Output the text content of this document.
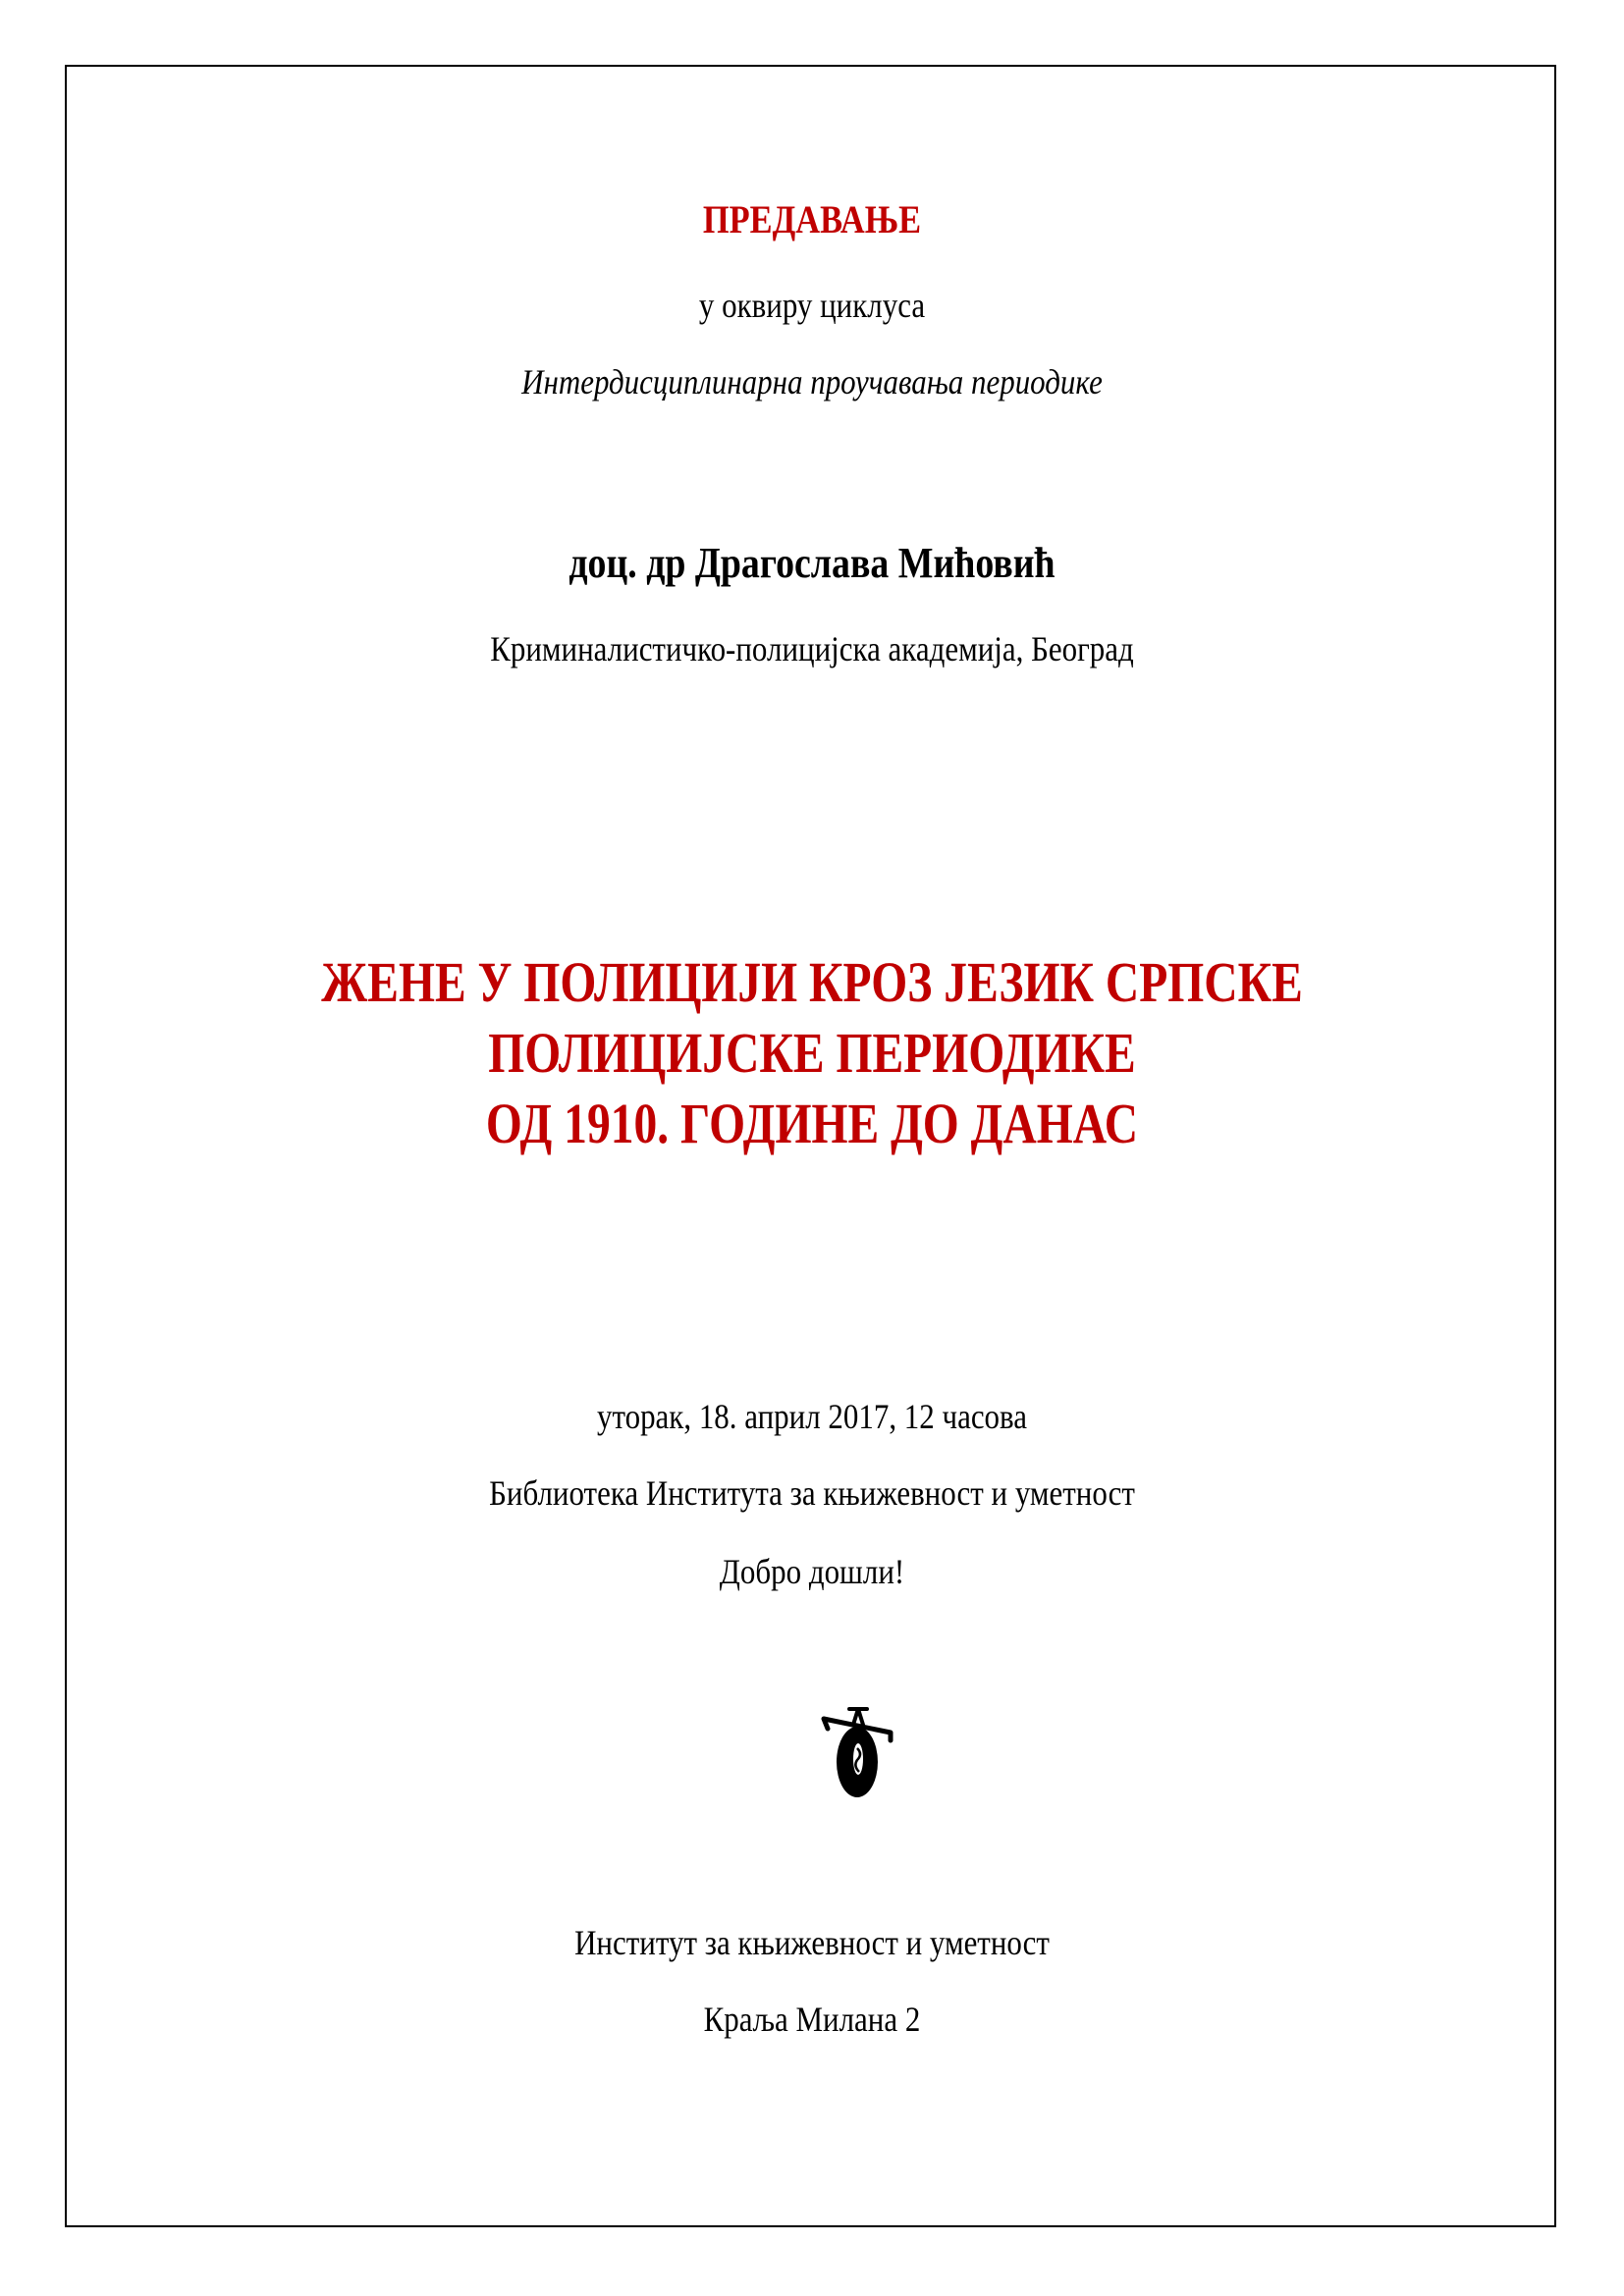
ПРЕДАВАЊЕ
у оквиру циклуса
Интердисциплинарна проучавања периодике
доц. др Драгослава Мићовић
Криминалистичко-полицијска академија, Београд
ЖЕНЕ У ПОЛИЦИЈИ КРОЗ ЈЕЗИК СРПСКЕ
ПОЛИЦИЈСКЕ ПЕРИОДИКЕ
ОД 1910. ГОДИНЕ ДО ДАНАС
уторак, 18. април 2017, 12 часова
Библиотека Института за књижевност и уметност
Добро дошли!
Институт за књижевност и уметност
Краља Милана 2
